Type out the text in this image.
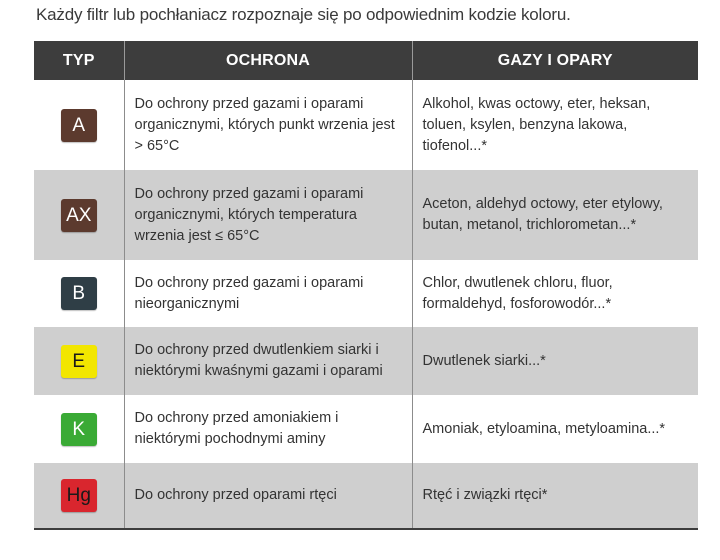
Każdy filtr lub pochłaniacz rozpoznaje się po odpowiednim kodzie koloru.
TYP	OCHRONA	GAZY I OPARY
A	Do ochrony przed gazami i oparami organicznymi, których punkt wrzenia jest > 65°C	Alkohol, kwas octowy, eter, heksan, toluen, ksylen, benzyna lakowa, tiofenol...*
AX	Do ochrony przed gazami i oparami organicznymi, których temperatura wrzenia jest ≤ 65°C	Aceton, aldehyd octowy, eter etylowy, butan, metanol, trichlorometan...*
B	Do ochrony przed gazami i oparami nieorganicznymi	Chlor, dwutlenek chloru, fluor, formaldehyd, fosforowodór...*
E	Do ochrony przed dwutlenkiem siarki i niektórymi kwaśnymi gazami i oparami	Dwutlenek siarki...*
K	Do ochrony przed amoniakiem i niektórymi pochodnymi aminy	Amoniak, etyloamina, metyloamina...*
Hg	Do ochrony przed oparami rtęci	Rtęć i związki rtęci*
